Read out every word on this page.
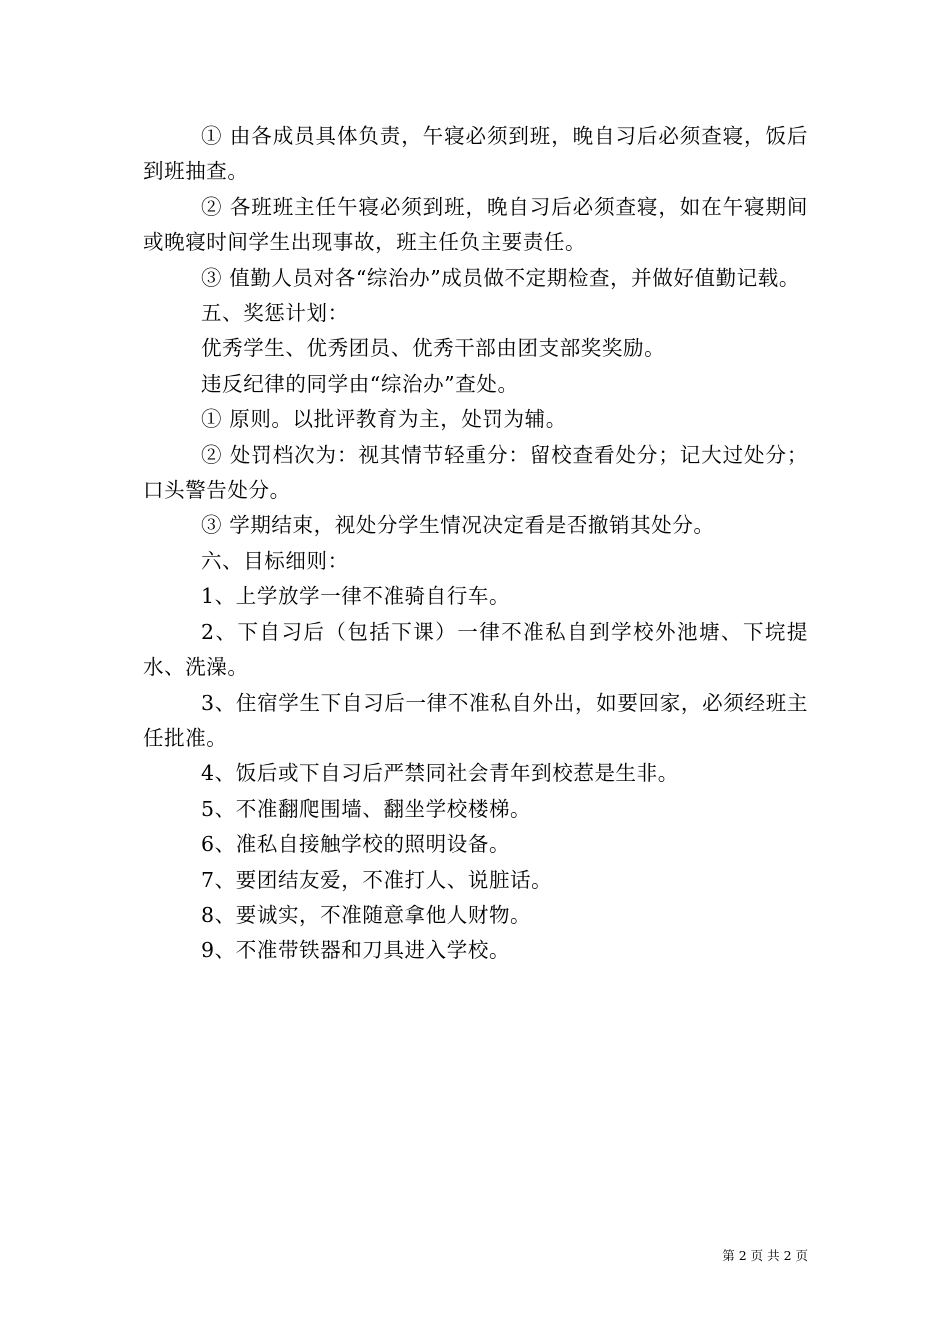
① 由各成员具体负责，午寝必须到班，晚自习后必须查寝，饭后到班抽查。

② 各班班主任午寝必须到班，晚自习后必须查寝，如在午寝期间或晚寝时间学生出现事故，班主任负主要责任。

③ 值勤人员对各“综治办”成员做不定期检查，并做好值勤记载。

五、奖惩计划：

优秀学生、优秀团员、优秀干部由团支部奖奖励。

违反纪律的同学由“综治办”查处。

① 原则。以批评教育为主，处罚为辅。

② 处罚档次为：视其情节轻重分：留校查看处分；记大过处分；口头警告处分。

③ 学期结束，视处分学生情况决定看是否撤销其处分。

六、目标细则：

1、上学放学一律不准骑自行车。

2、下自习后（包括下课）一律不准私自到学校外池塘、下垸提水、洗澡。

3、住宿学生下自习后一律不准私自外出，如要回家，必须经班主任批准。

4、饭后或下自习后严禁同社会青年到校惹是生非。

5、不准翻爬围墙、翻坐学校楼梯。

6、准私自接触学校的照明设备。

7、要团结友爱，不准打人、说脏话。

8、要诚实，不准随意拿他人财物。

9、不准带铁器和刀具进入学校。

第 2 页 共 2 页
